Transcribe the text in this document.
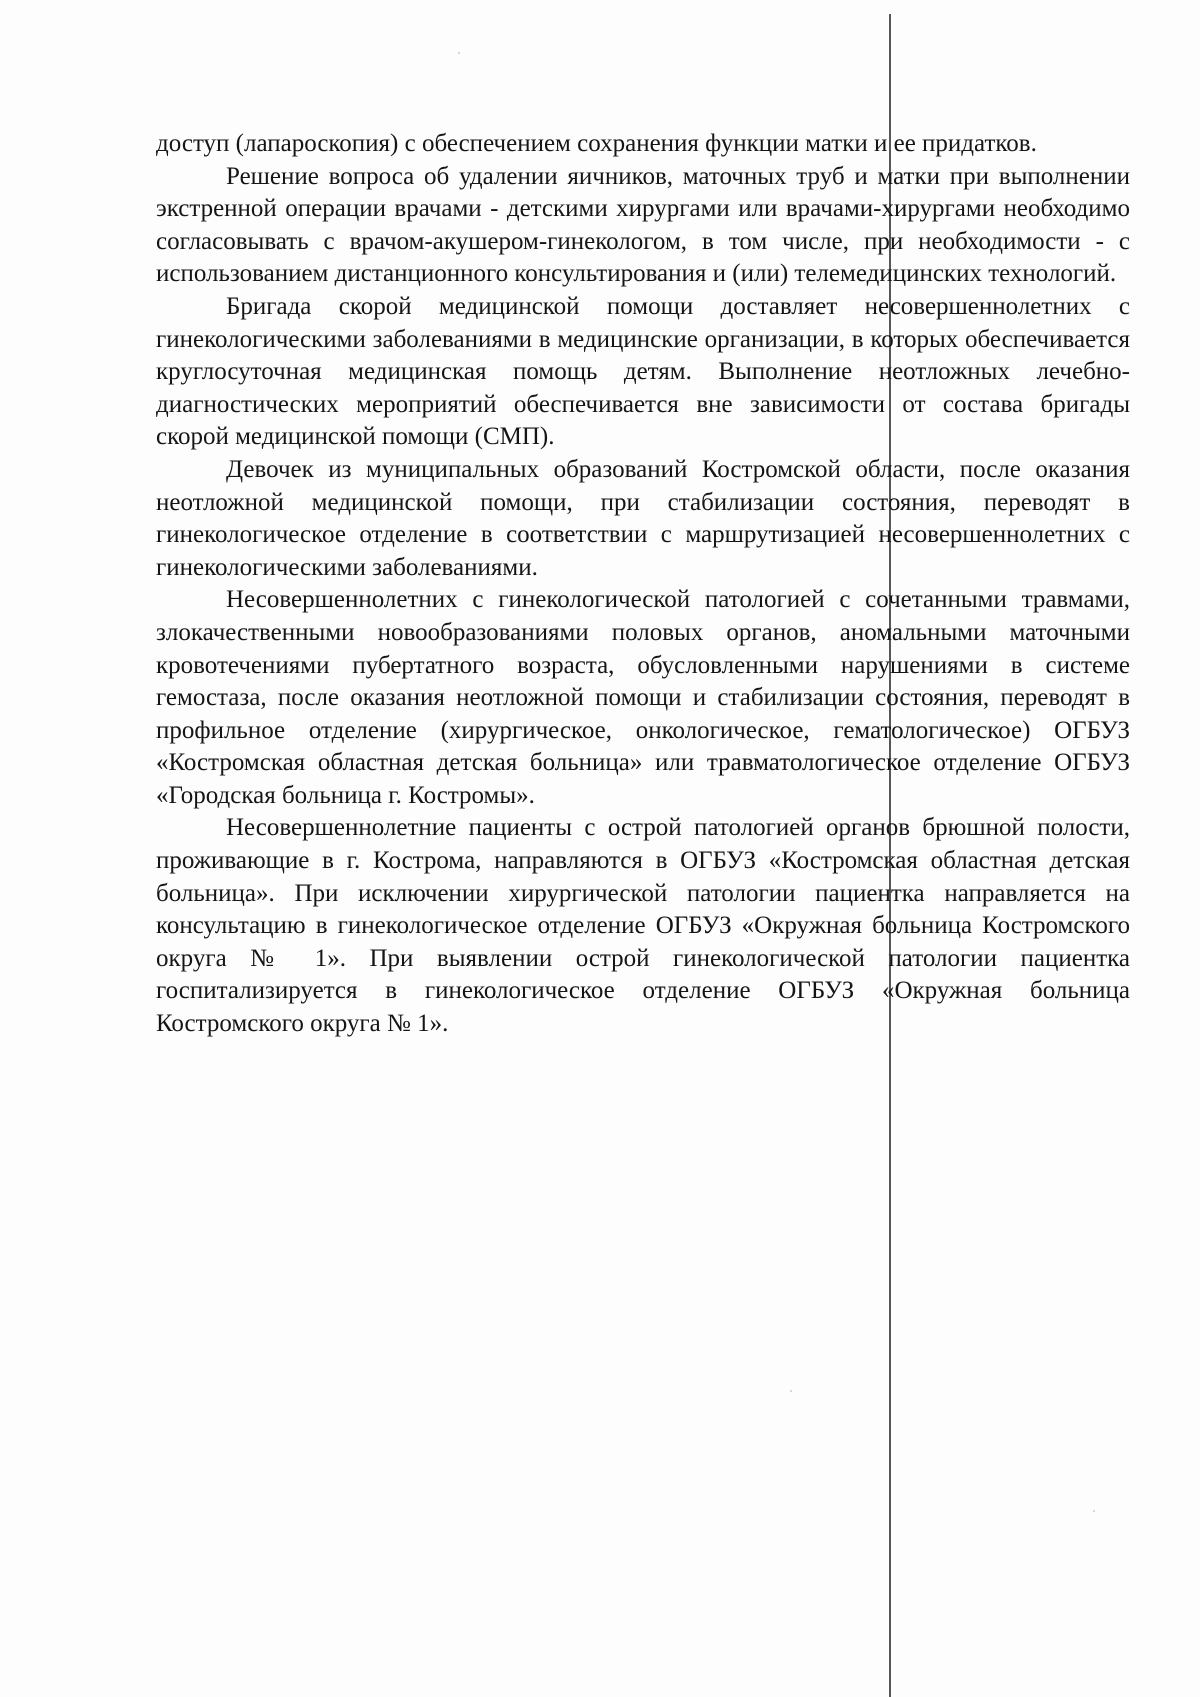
доступ (лапароскопия) с обеспечением сохранения функции матки и ее придатков.

Решение вопроса об удалении яичников, маточных труб и матки при выполнении экстренной операции врачами - детскими хирургами или врачами-хирургами необходимо согласовывать с врачом-акушером-гинекологом, в том числе, при необходимости - с использованием дистанционного консультирования и (или) телемедицинских технологий.

Бригада скорой медицинской помощи доставляет несовершеннолетних с гинекологическими заболеваниями в медицинские организации, в которых обеспечивается круглосуточная медицинская помощь детям. Выполнение неотложных лечебно-диагностических мероприятий обеспечивается вне зависимости от состава бригады скорой медицинской помощи (СМП).

Девочек из муниципальных образований Костромской области, после оказания неотложной медицинской помощи, при стабилизации состояния, переводят в гинекологическое отделение в соответствии с маршрутизацией несовершеннолетних с гинекологическими заболеваниями.

Несовершеннолетних с гинекологической патологией с сочетанными травмами, злокачественными новообразованиями половых органов, аномальными маточными кровотечениями пубертатного возраста, обусловленными нарушениями в системе гемостаза, после оказания неотложной помощи и стабилизации состояния, переводят в профильное отделение (хирургическое, онкологическое, гематологическое) ОГБУЗ «Костромская областная детская больница» или травматологическое отделение ОГБУЗ «Городская больница г. Костромы».

Несовершеннолетние пациенты с острой патологией органов брюшной полости, проживающие в г. Кострома, направляются в ОГБУЗ «Костромская областная детская больница». При исключении хирургической патологии пациентка направляется на консультацию в гинекологическое отделение ОГБУЗ «Окружная больница Костромского округа № 1». При выявлении острой гинекологической патологии пациентка госпитализируется в гинекологическое отделение ОГБУЗ «Окружная больница Костромского округа № 1».
